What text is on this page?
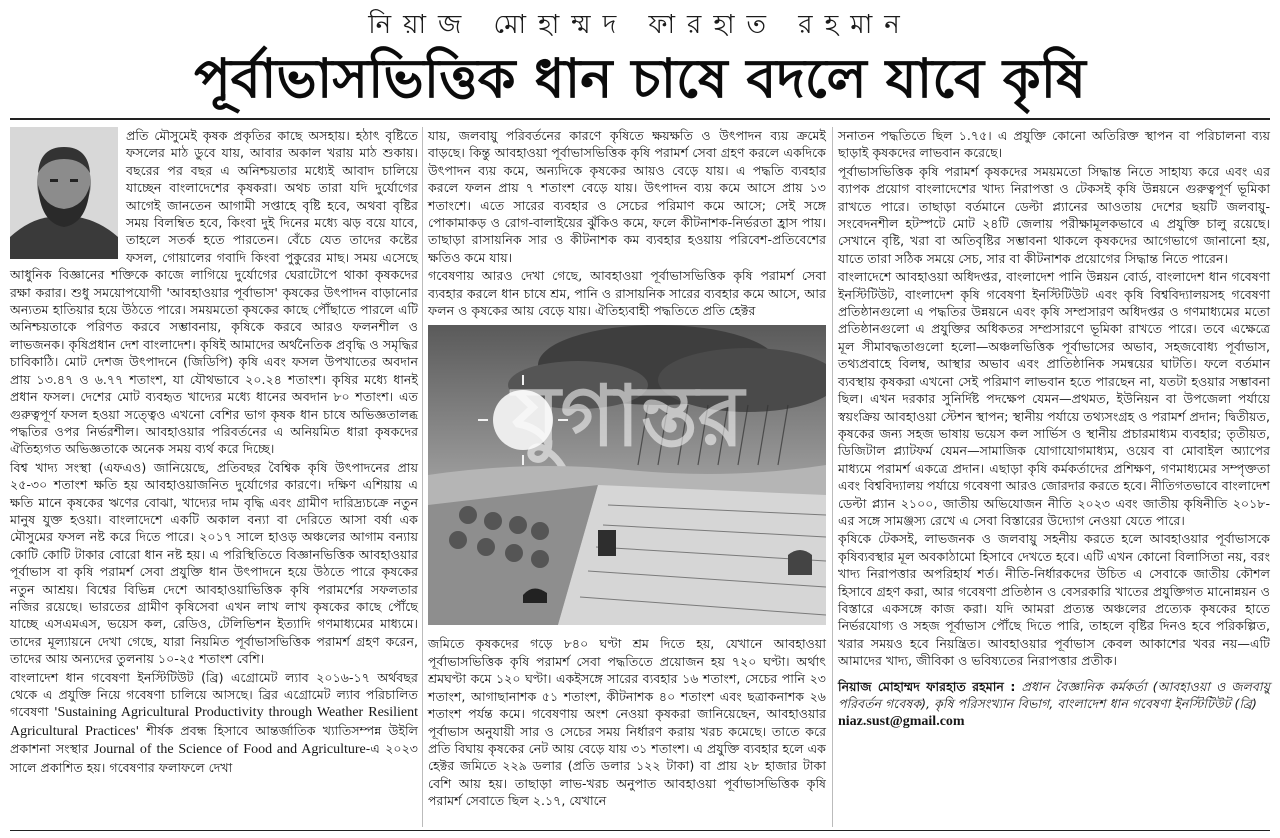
নিয়াজ মোহাম্মদ ফারহাত রহমান
পূর্বাভাসভিত্তিক ধান চাষে বদলে যাবে কৃষি

প্রতি মৌসুমেই কৃষক প্রকৃতির কাছে অসহায়। হঠাৎ বৃষ্টিতে ফসলের মাঠ ডুবে যায়, আবার অকাল খরায় মাঠ শুকায়। বছরের পর বছর এ অনিশ্চয়তার মধ্যেই আবাদ চালিয়ে যাচ্ছেন বাংলাদেশের কৃষকরা। অথচ তারা যদি দুর্যোগের আগেই জানতেন আগামী সপ্তাহে বৃষ্টি হবে, অথবা বৃষ্টির সময় বিলম্বিত হবে, কিংবা দুই দিনের মধ্যে ঝড় বয়ে যাবে, তাহলে সতর্ক হতে পারতেন। বেঁচে যেত তাদের কষ্টের ফসল, গোয়ালের গবাদি কিংবা পুকুরের মাছ। সময় এসেছে আধুনিক বিজ্ঞানের শক্তিকে কাজে লাগিয়ে দুর্যোগের ঘেরাটোপে থাকা কৃষকদের রক্ষা করার। শুধু সময়োপযোগী 'আবহাওয়ার পূর্বাভাস' কৃষকের উৎপাদন বাড়ানোর অন্যতম হাতিয়ার হয়ে উঠতে পারে। সময়মতো কৃষকের কাছে পৌঁছাতে পারলে এটি অনিশ্চয়তাকে পরিণত করবে সম্ভাবনায়, কৃষিকে করবে আরও ফলনশীল ও লাভজনক। কৃষিপ্রধান দেশ বাংলাদেশ। কৃষিই আমাদের অর্থনৈতিক প্রবৃদ্ধি ও সমৃদ্ধির চাবিকাঠি। মোট দেশজ উৎপাদনে (জিডিপি) কৃষি এবং ফসল উপখাতের অবদান প্রায় ১৩.৪৭ ও ৬.৭৭ শতাংশ, যা যৌথভাবে ২০.২৪ শতাংশ। কৃষির মধ্যে ধানই প্রধান ফসল। দেশের মোট ব্যবহৃত খাদ্যের মধ্যে ধানের অবদান ৮০ শতাংশ। এত গুরুত্বপূর্ণ ফসল হওয়া সত্ত্বেও এখনো বেশির ভাগ কৃষক ধান চাষে অভিজ্ঞতালব্ধ পদ্ধতির ওপর নির্ভরশীল। আবহাওয়ার পরিবর্তনের এ অনিয়মিত ধারা কৃষকদের ঐতিহ্যগত অভিজ্ঞতাকে অনেক সময় ব্যর্থ করে দিচ্ছে।

বিশ্ব খাদ্য সংস্থা (এফএও) জানিয়েছে, প্রতিবছর বৈশ্বিক কৃষি উৎপাদনের প্রায় ২৫-৩০ শতাংশ ক্ষতি হয় আবহাওয়াজনিত দুর্যোগের কারণে। দক্ষিণ এশিয়ায় এ ক্ষতি মানে কৃষকের ঋণের বোঝা, খাদ্যের দাম বৃদ্ধি এবং গ্রামীণ দারিদ্র্যচক্রে নতুন মানুষ যুক্ত হওয়া। বাংলাদেশে একটি অকাল বন্যা বা দেরিতে আসা বর্ষা এক মৌসুমের ফসল নষ্ট করে দিতে পারে। ২০১৭ সালে হাওড় অঞ্চলের আগাম বন্যায় কোটি কোটি টাকার বোরো ধান নষ্ট হয়। এ পরিস্থিতিতে বিজ্ঞানভিত্তিক আবহাওয়ার পূর্বাভাস বা কৃষি পরামর্শ সেবা প্রযুক্তি ধান উৎপাদনে হয়ে উঠতে পারে কৃষকের নতুন আশ্রয়। বিশ্বের বিভিন্ন দেশে আবহাওয়াভিত্তিক কৃষি পরামর্শের সফলতার নজির রয়েছে। ভারতের গ্রামীণ কৃষিসেবা এখন লাখ লাখ কৃষকের কাছে পৌঁছে যাচ্ছে এসএমএস, ভয়েস কল, রেডিও, টেলিভিশন ইত্যাদি গণমাধ্যমের মাধ্যমে। তাদের মূল্যায়নে দেখা গেছে, যারা নিয়মিত পূর্বাভাসভিত্তিক পরামর্শ গ্রহণ করেন, তাদের আয় অন্যদের তুলনায় ১০-২৫ শতাংশ বেশি।

বাংলাদেশ ধান গবেষণা ইনস্টিটিউট (ব্রি) এগ্রোমেট ল্যাব ২০১৬-১৭ অর্থবছর থেকে এ প্রযুক্তি নিয়ে গবেষণা চালিয়ে আসছে। ব্রির এগ্রোমেট ল্যাব পরিচালিত গবেষণা 'Sustaining Agricultural Productivity through Weather Resilient Agricultural Practices' শীর্ষক প্রবন্ধ হিসাবে আন্তর্জাতিক খ্যাতিসম্পন্ন উইলি প্রকাশনা সংস্থার Journal of the Science of Food and Agriculture-এ ২০২৩ সালে প্রকাশিত হয়। গবেষণার ফলাফলে দেখা

যায়, জলবায়ু পরিবর্তনের কারণে কৃষিতে ক্ষয়ক্ষতি ও উৎপাদন ব্যয় ক্রমেই বাড়ছে। কিন্তু আবহাওয়া পূর্বাভাসভিত্তিক কৃষি পরামর্শ সেবা গ্রহণ করলে একদিকে উৎপাদন ব্যয় কমে, অন্যদিকে কৃষকের আয়ও বেড়ে যায়। এ পদ্ধতি ব্যবহার করলে ফলন প্রায় ৭ শতাংশ বেড়ে যায়। উৎপাদন ব্যয় কমে আসে প্রায় ১৩ শতাংশে। এতে সারের ব্যবহার ও সেচের পরিমাণ কমে আসে; সেই সঙ্গে পোকামাকড় ও রোগ-বালাইয়ের ঝুঁকিও কমে, ফলে কীটনাশক-নির্ভরতা হ্রাস পায়। তাছাড়া রাসায়নিক সার ও কীটনাশক কম ব্যবহার হওয়ায় পরিবেশ-প্রতিবেশের ক্ষতিও কমে যায়।

গবেষণায় আরও দেখা গেছে, আবহাওয়া পূর্বাভাসভিত্তিক কৃষি পরামর্শ সেবা ব্যবহার করলে ধান চাষে শ্রম, পানি ও রাসায়নিক সারের ব্যবহার কমে আসে, আর ফলন ও কৃষকের আয় বেড়ে যায়। ঐতিহ্যবাহী পদ্ধতিতে প্রতি হেক্টর

যুগান্তর

জমিতে কৃষকদের গড়ে ৮৪০ ঘণ্টা শ্রম দিতে হয়, যেখানে আবহাওয়া পূর্বাভাসভিত্তিক কৃষি পরামর্শ সেবা পদ্ধতিতে প্রয়োজন হয় ৭২০ ঘণ্টা। অর্থাৎ শ্রমঘণ্টা কমে ১২০ ঘণ্টা। একইসঙ্গে সারের ব্যবহার ১৬ শতাংশ, সেচের পানি ২৩ শতাংশ, আগাছানাশক ৫১ শতাংশ, কীটনাশক ৪০ শতাংশ এবং ছত্রাকনাশক ২৬ শতাংশ পর্যন্ত কমে। গবেষণায় অংশ নেওয়া কৃষকরা জানিয়েছেন, আবহাওয়ার পূর্বাভাস অনুযায়ী সার ও সেচের সময় নির্ধারণ করায় খরচ কমেছে। তাতে করে প্রতি বিঘায় কৃষকের নেট আয় বেড়ে যায় ৩১ শতাংশ। এ প্রযুক্তি ব্যবহার হলে এক হেক্টর জমিতে ২২৯ ডলার (প্রতি ডলার ১২২ টাকা) বা প্রায় ২৮ হাজার টাকা বেশি আয় হয়। তাছাড়া লাভ-খরচ অনুপাত আবহাওয়া পূর্বাভাসভিত্তিক কৃষি পরামর্শ সেবাতে ছিল ২.১৭, যেখানে

সনাতন পদ্ধতিতে ছিল ১.৭৫। এ প্রযুক্তি কোনো অতিরিক্ত স্থাপন বা পরিচালনা ব্যয় ছাড়াই কৃষকদের লাভবান করেছে।

পূর্বাভাসভিত্তিক কৃষি পরামর্শ কৃষকদের সময়মতো সিদ্ধান্ত নিতে সাহায্য করে এবং এর ব্যাপক প্রয়োগ বাংলাদেশের খাদ্য নিরাপত্তা ও টেকসই কৃষি উন্নয়নে গুরুত্বপূর্ণ ভূমিকা রাখতে পারে। তাছাড়া বর্তমানে ডেল্টা প্ল্যানের আওতায় দেশের ছয়টি জলবায়ু-সংবেদনশীল হটস্পটে মোট ২৪টি জেলায় পরীক্ষামূলকভাবে এ প্রযুক্তি চালু রয়েছে। সেখানে বৃষ্টি, খরা বা অতিবৃষ্টির সম্ভাবনা থাকলে কৃষকদের আগেভাগে জানানো হয়, যাতে তারা সঠিক সময়ে সেচ, সার বা কীটনাশক প্রয়োগের সিদ্ধান্ত নিতে পারেন।

বাংলাদেশে আবহাওয়া অধিদপ্তর, বাংলাদেশ পানি উন্নয়ন বোর্ড, বাংলাদেশ ধান গবেষণা ইনস্টিটিউট, বাংলাদেশ কৃষি গবেষণা ইনস্টিটিউট এবং কৃষি বিশ্ববিদ্যালয়সহ গবেষণা প্রতিষ্ঠানগুলো এ পদ্ধতির উন্নয়নে এবং কৃষি সম্প্রসারণ অধিদপ্তর ও গণমাধ্যমের মতো প্রতিষ্ঠানগুলো এ প্রযুক্তির অধিকতর সম্প্রসারণে ভূমিকা রাখতে পারে। তবে এক্ষেত্রে মূল সীমাবদ্ধতাগুলো হলো—অঞ্চলভিত্তিক পূর্বাভাসের অভাব, সহজবোধ্য পূর্বাভাস, তথ্যপ্রবাহে বিলম্ব, আস্থার অভাব এবং প্রাতিষ্ঠানিক সমন্বয়ের ঘাটতি। ফলে বর্তমান ব্যবস্থায় কৃষকরা এখনো সেই পরিমাণ লাভবান হতে পারছেন না, যতটা হওয়ার সম্ভাবনা ছিল। এখন দরকার সুনির্দিষ্ট পদক্ষেপ যেমন—প্রথমত, ইউনিয়ন বা উপজেলা পর্যায়ে স্বয়ংক্রিয় আবহাওয়া স্টেশন স্থাপন; স্থানীয় পর্যায়ে তথ্যসংগ্রহ ও পরামর্শ প্রদান; দ্বিতীয়ত, কৃষকের জন্য সহজ ভাষায় ভয়েস কল সার্ভিস ও স্থানীয় প্রচারমাধ্যম ব্যবহার; তৃতীয়ত, ডিজিটাল প্ল্যাটফর্ম যেমন—সামাজিক যোগাযোগমাধ্যম, ওয়েব বা মোবাইল অ্যাপের মাধ্যমে পরামর্শ একত্রে প্রদান। এছাড়া কৃষি কর্মকর্তাদের প্রশিক্ষণ, গণমাধ্যমের সম্পৃক্ততা এবং বিশ্ববিদ্যালয় পর্যায়ে গবেষণা আরও জোরদার করতে হবে। নীতিগতভাবে বাংলাদেশ ডেল্টা প্ল্যান ২১০০, জাতীয় অভিযোজন নীতি ২০২৩ এবং জাতীয় কৃষিনীতি ২০১৮-এর সঙ্গে সামঞ্জস্য রেখে এ সেবা বিস্তারের উদ্যোগ নেওয়া যেতে পারে।

কৃষিকে টেকসই, লাভজনক ও জলবায়ু সহনীয় করতে হলে আবহাওয়ার পূর্বাভাসকে কৃষিব্যবস্থার মূল অবকাঠামো হিসাবে দেখতে হবে। এটি এখন কোনো বিলাসিতা নয়, বরং খাদ্য নিরাপত্তার অপরিহার্য শর্ত। নীতি-নির্ধারকদের উচিত এ সেবাকে জাতীয় কৌশল হিসাবে গ্রহণ করা, আর গবেষণা প্রতিষ্ঠান ও বেসরকারি খাতের প্রযুক্তিগত মানোন্নয়ন ও বিস্তারে একসঙ্গে কাজ করা। যদি আমরা প্রত্যন্ত অঞ্চলের প্রত্যেক কৃষকের হাতে নির্ভরযোগ্য ও সহজ পূর্বাভাস পৌঁছে দিতে পারি, তাহলে বৃষ্টির দিনও হবে পরিকল্পিত, খরার সময়ও হবে নিয়ন্ত্রিত। আবহাওয়ার পূর্বাভাস কেবল আকাশের খবর নয়—এটি আমাদের খাদ্য, জীবিকা ও ভবিষ্যতের নিরাপত্তার প্রতীক।

নিয়াজ মোহাম্মদ ফারহাত রহমান : প্রধান বৈজ্ঞানিক কর্মকর্তা (আবহাওয়া ও জলবায়ু পরিবর্তন গবেষক), কৃষি পরিসংখ্যান বিভাগ, বাংলাদেশ ধান গবেষণা ইনস্টিটিউট (ব্রি)

niaz.sust@gmail.com
